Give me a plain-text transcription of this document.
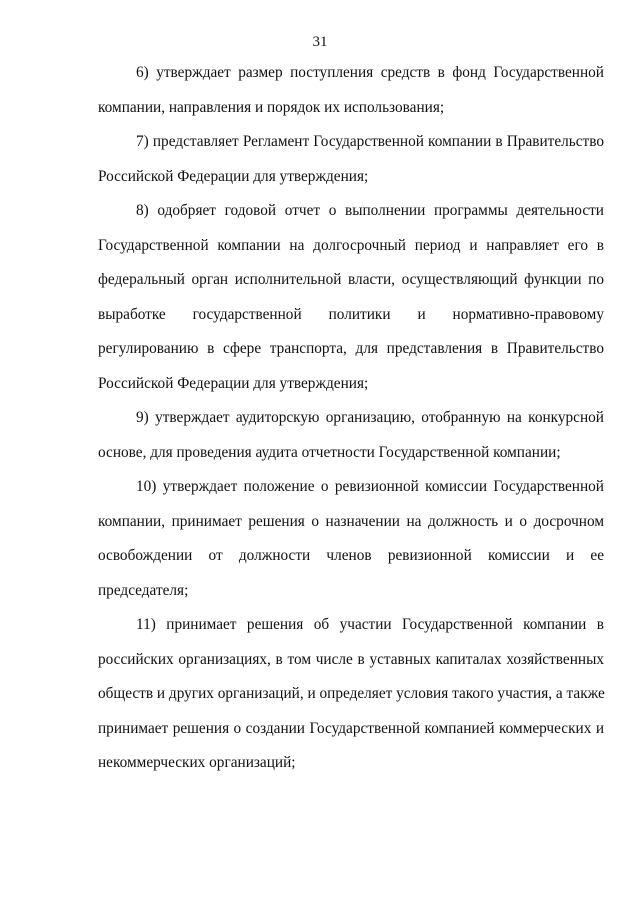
31

6) утверждает размер поступления средств в фонд Государственной
компании, направления и порядок их использования;

7) представляет Регламент Государственной компании в Правительство
Российской Федерации для утверждения;

8) одобряет годовой отчет о выполнении программы деятельности
Государственной компании на долгосрочный период и направляет его в
федеральный орган исполнительной власти, осуществляющий функции по
выработке государственной политики и нормативно-правовому
регулированию в сфере транспорта, для представления в Правительство
Российской Федерации для утверждения;

9) утверждает аудиторскую организацию, отобранную на конкурсной
основе, для проведения аудита отчетности Государственной компании;

10) утверждает положение о ревизионной комиссии Государственной
компании, принимает решения о назначении на должность и о досрочном
освобождении от должности членов ревизионной комиссии и ее
председателя;

11) принимает решения об участии Государственной компании в
российских организациях, в том числе в уставных капиталах хозяйственных
обществ и других организаций, и определяет условия такого участия, а также
принимает решения о создании Государственной компанией коммерческих и
некоммерческих организаций;
